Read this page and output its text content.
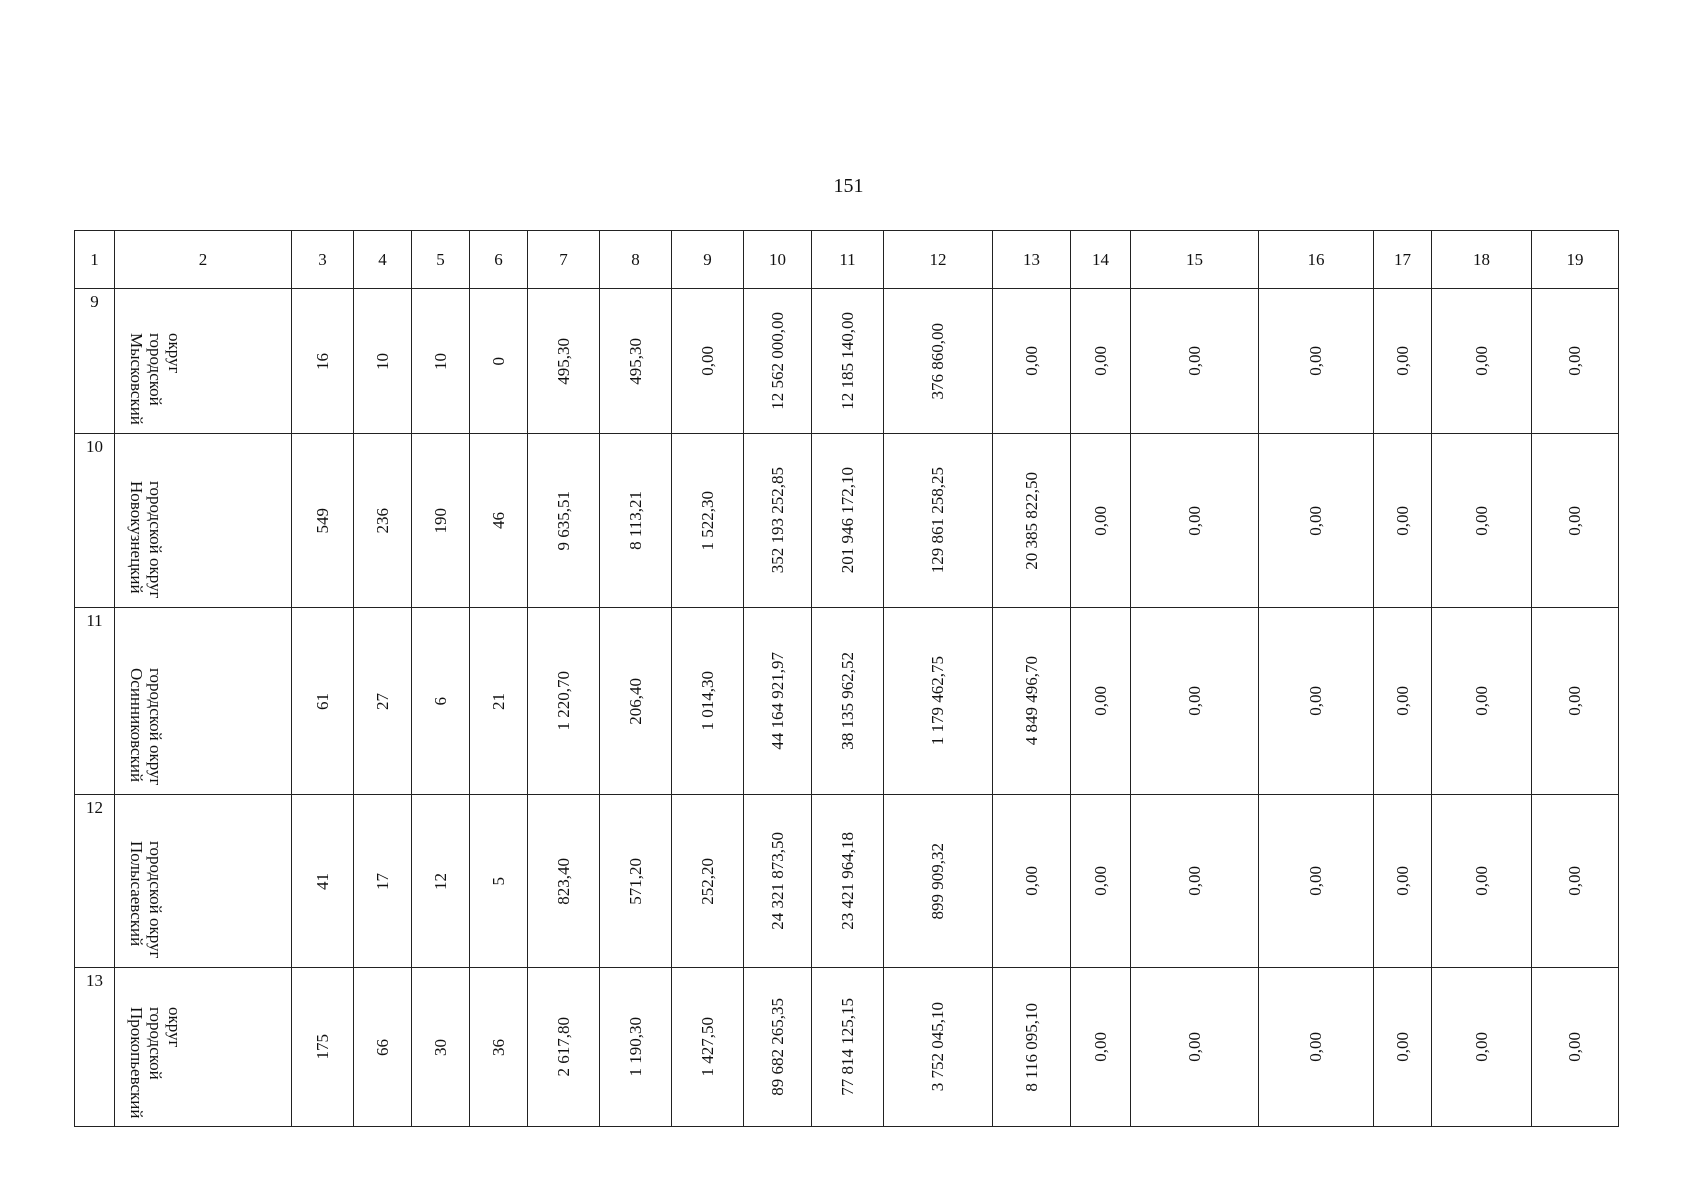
151
1	2	3	4	5	6	7	8	9	10	11	12	13	14	15	16	17	18	19

9	Мысковский городской округ	16	10	10	0	495,30	495,30	0,00	12 562 000,00	12 185 140,00	376 860,00	0,00	0,00	0,00	0,00	0,00	0,00	0,00

10	Новокузнецкий городской округ	549	236	190	46	9 635,51	8 113,21	1 522,30	352 193 252,85	201 946 172,10	129 861 258,25	20 385 822,50	0,00	0,00	0,00	0,00	0,00	0,00

11	Осинниковский городской округ	61	27	6	21	1 220,70	206,40	1 014,30	44 164 921,97	38 135 962,52	1 179 462,75	4 849 496,70	0,00	0,00	0,00	0,00	0,00	0,00

12	Полысаевский городской округ	41	17	12	5	823,40	571,20	252,20	24 321 873,50	23 421 964,18	899 909,32	0,00	0,00	0,00	0,00	0,00	0,00	0,00

13	Прокопьевский городской округ	175	66	30	36	2 617,80	1 190,30	1 427,50	89 682 265,35	77 814 125,15	3 752 045,10	8 116 095,10	0,00	0,00	0,00	0,00	0,00	0,00
